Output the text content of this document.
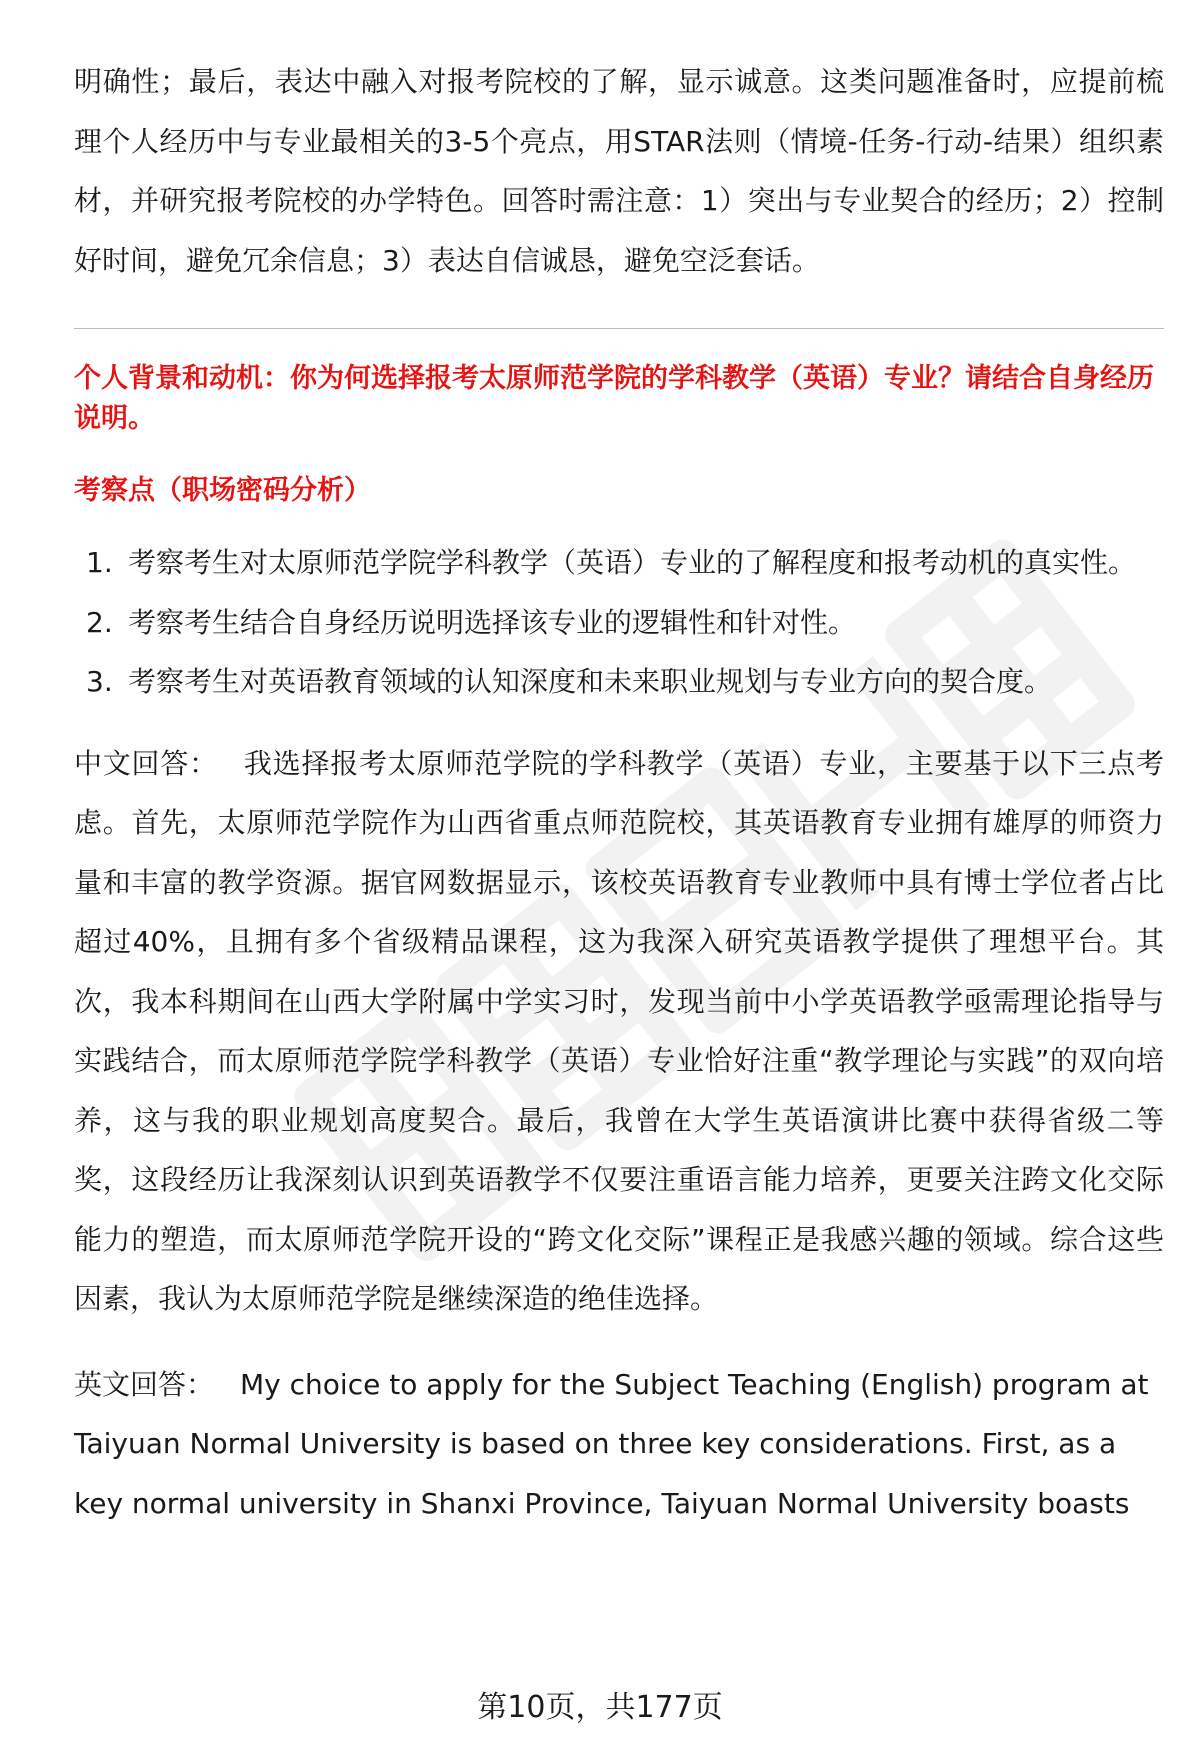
明确性；最后，表达中融入对报考院校的了解，显示诚意。这类问题准备时，应提前梳理个人经历中与专业最相关的3-5个亮点，用STAR法则（情境-任务-行动-结果）组织素材，并研究报考院校的办学特色。回答时需注意：1）突出与专业契合的经历；2）控制好时间，避免冗余信息；3）表达自信诚恳，避免空泛套话。

个人背景和动机：你为何选择报考太原师范学院的学科教学（英语）专业？请结合自身经历说明。

考察点（职场密码分析）

1. 考察考生对太原师范学院学科教学（英语）专业的了解程度和报考动机的真实性。
2. 考察考生结合自身经历说明选择该专业的逻辑性和针对性。
3. 考察考生对英语教育领域的认知深度和未来职业规划与专业方向的契合度。

中文回答： 我选择报考太原师范学院的学科教学（英语）专业，主要基于以下三点考虑。首先，太原师范学院作为山西省重点师范院校，其英语教育专业拥有雄厚的师资力量和丰富的教学资源。据官网数据显示，该校英语教育专业教师中具有博士学位者占比超过40%，且拥有多个省级精品课程，这为我深入研究英语教学提供了理想平台。其次，我本科期间在山西大学附属中学实习时，发现当前中小学英语教学亟需理论指导与实践结合，而太原师范学院学科教学（英语）专业恰好注重“教学理论与实践”的双向培养，这与我的职业规划高度契合。最后，我曾在大学生英语演讲比赛中获得省级二等奖，这段经历让我深刻认识到英语教学不仅要注重语言能力培养，更要关注跨文化交际能力的塑造，而太原师范学院开设的“跨文化交际”课程正是我感兴趣的领域。综合这些因素，我认为太原师范学院是继续深造的绝佳选择。

英文回答： My choice to apply for the Subject Teaching (English) program at Taiyuan Normal University is based on three key considerations. First, as a key normal university in Shanxi Province, Taiyuan Normal University boasts

第10页，共177页
